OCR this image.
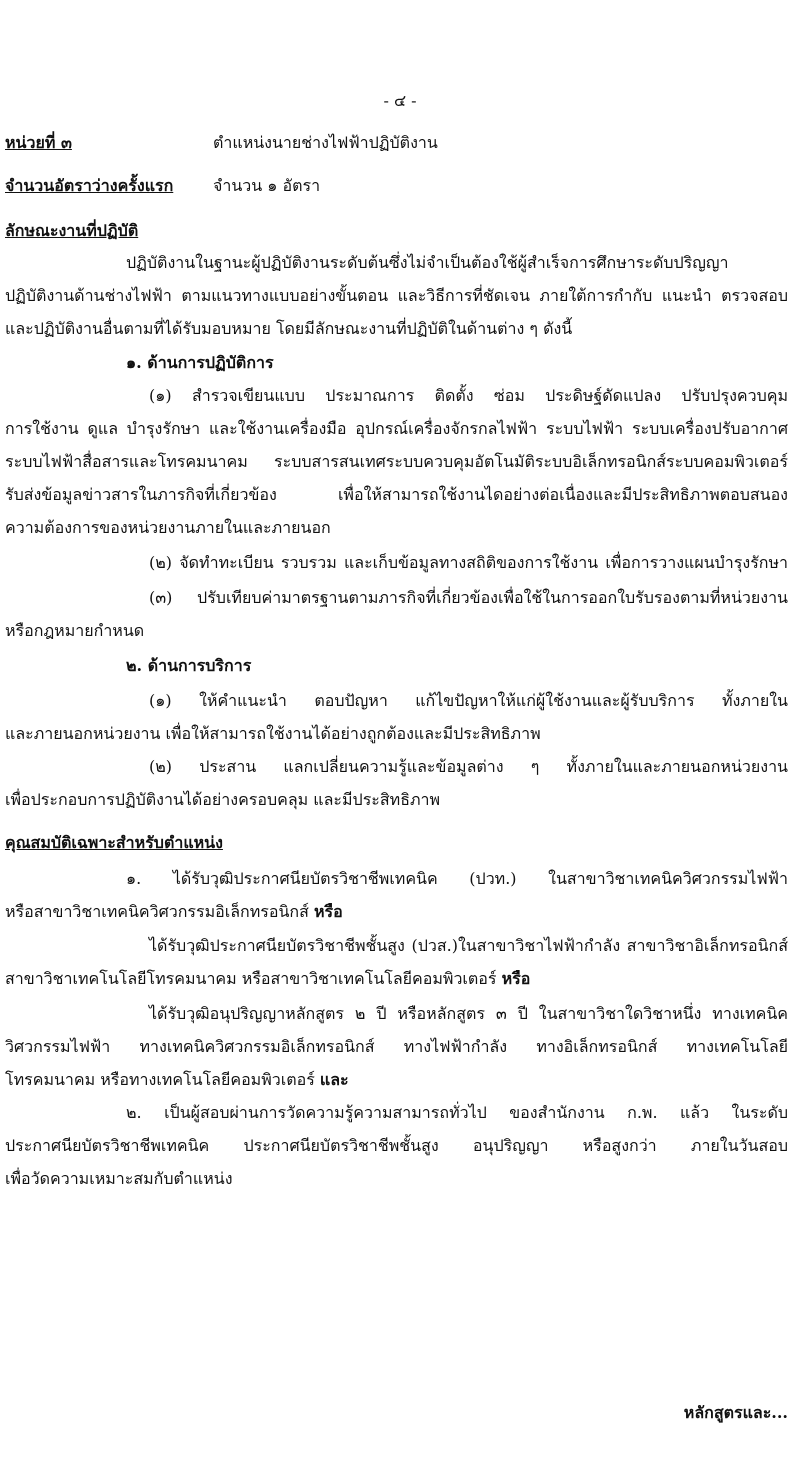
- ๔ -
หน่วยที่ ๓	ตำแหน่งนายช่างไฟฟ้าปฏิบัติงาน
จำนวนอัตราว่างครั้งแรก	จำนวน ๑ อัตรา
ลักษณะงานที่ปฏิบัติ
ปฏิบัติงานในฐานะผู้ปฏิบัติงานระดับต้นซึ่งไม่จำเป็นต้องใช้ผู้สำเร็จการศึกษาระดับปริญญา
ปฏิบัติงานด้านช่างไฟฟ้า ตามแนวทางแบบอย่างขั้นตอน และวิธีการที่ชัดเจน ภายใต้การกำกับ แนะนำ ตรวจสอบ
และปฏิบัติงานอื่นตามที่ได้รับมอบหมาย โดยมีลักษณะงานที่ปฏิบัติในด้านต่าง ๆ ดังนี้
๑. ด้านการปฏิบัติการ
(๑) สำรวจเขียนแบบ ประมาณการ ติดตั้ง ซ่อม ประดิษฐ์ดัดแปลง ปรับปรุงควบคุม
การใช้งาน ดูแล บำรุงรักษา และใช้งานเครื่องมือ อุปกรณ์เครื่องจักรกลไฟฟ้า ระบบไฟฟ้า ระบบเครื่องปรับอากาศ
ระบบไฟฟ้าสื่อสารและโทรคมนาคม ระบบสารสนเทศระบบควบคุมอัตโนมัติระบบอิเล็กทรอนิกส์ระบบคอมพิวเตอร์
รับส่งข้อมูลข่าวสารในภารกิจที่เกี่ยวข้อง เพื่อให้สามารถใช้งานไดอย่างต่อเนื่องและมีประสิทธิภาพตอบสนอง
ความต้องการของหน่วยงานภายในและภายนอก
(๒) จัดทำทะเบียน รวบรวม และเก็บข้อมูลทางสถิติของการใช้งาน เพื่อการวางแผนบำรุงรักษา
(๓) ปรับเทียบค่ามาตรฐานตามภารกิจที่เกี่ยวข้องเพื่อใช้ในการออกใบรับรองตามที่หน่วยงาน
หรือกฎหมายกำหนด
๒. ด้านการบริการ
(๑) ให้คำแนะนำ ตอบปัญหา แก้ไขปัญหาให้แก่ผู้ใช้งานและผู้รับบริการ ทั้งภายใน
และภายนอกหน่วยงาน เพื่อให้สามารถใช้งานได้อย่างถูกต้องและมีประสิทธิภาพ
(๒) ประสาน แลกเปลี่ยนความรู้และข้อมูลต่าง ๆ ทั้งภายในและภายนอกหน่วยงาน
เพื่อประกอบการปฏิบัติงานได้อย่างครอบคลุม และมีประสิทธิภาพ
คุณสมบัติเฉพาะสำหรับตำแหน่ง
๑. ได้รับวุฒิประกาศนียบัตรวิชาชีพเทคนิค (ปวท.) ในสาขาวิชาเทคนิควิศวกรรมไฟฟ้า
หรือสาขาวิชาเทคนิควิศวกรรมอิเล็กทรอนิกส์ หรือ
ได้รับวุฒิประกาศนียบัตรวิชาชีพชั้นสูง (ปวส.)ในสาขาวิชาไฟฟ้ากำลัง สาขาวิชาอิเล็กทรอนิกส์
สาขาวิชาเทคโนโลยีโทรคมนาคม หรือสาขาวิชาเทคโนโลยีคอมพิวเตอร์ หรือ
ได้รับวุฒิอนุปริญญาหลักสูตร ๒ ปี หรือหลักสูตร ๓ ปี ในสาขาวิชาใดวิชาหนึ่ง ทางเทคนิค
วิศวกรรมไฟฟ้า ทางเทคนิควิศวกรรมอิเล็กทรอนิกส์ ทางไฟฟ้ากำลัง ทางอิเล็กทรอนิกส์ ทางเทคโนโลยี
โทรคมนาคม หรือทางเทคโนโลยีคอมพิวเตอร์ และ
๒. เป็นผู้สอบผ่านการวัดความรู้ความสามารถทั่วไป ของสำนักงาน ก.พ. แล้ว ในระดับ
ประกาศนียบัตรวิชาชีพเทคนิค ประกาศนียบัตรวิชาชีพชั้นสูง อนุปริญญา หรือสูงกว่า ภายในวันสอบ
เพื่อวัดความเหมาะสมกับตำแหน่ง
หลักสูตรและ...
